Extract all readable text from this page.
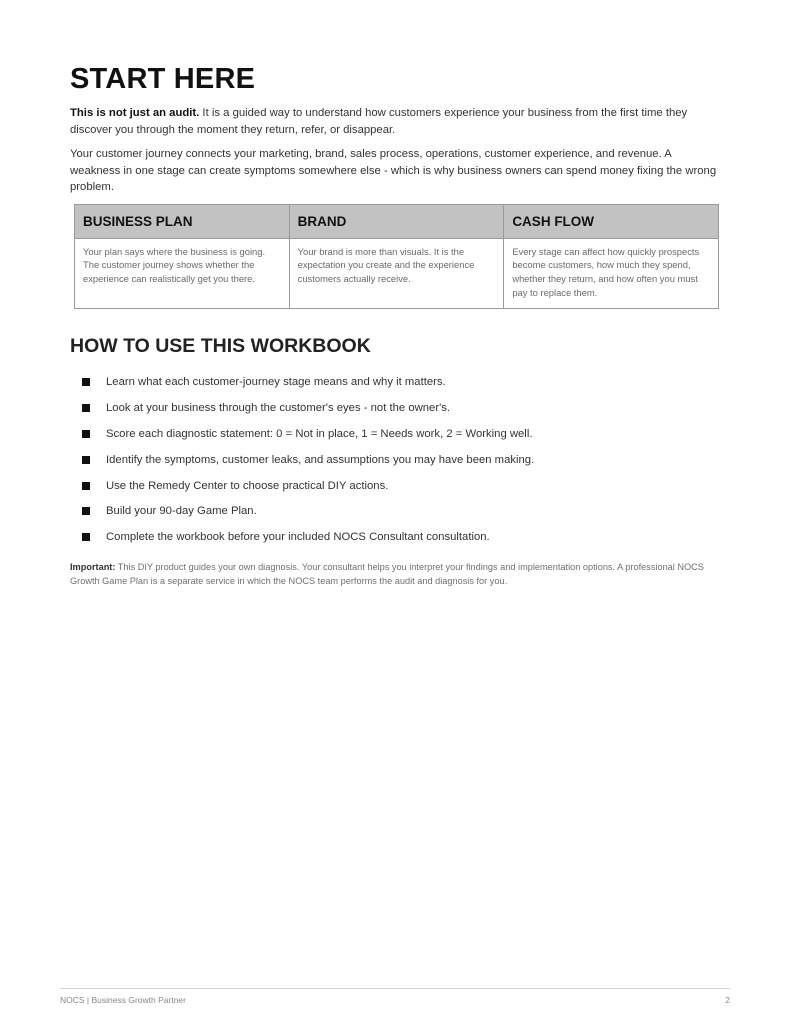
START HERE

This is not just an audit. It is a guided way to understand how customers experience your business from the first time they discover you through the moment they return, refer, or disappear.

Your customer journey connects your marketing, brand, sales process, operations, customer experience, and revenue. A weakness in one stage can create symptoms somewhere else - which is why business owners can spend money fixing the wrong problem.

BUSINESS PLAN	BRAND	CASH FLOW
Your plan says where the business is going. The customer journey shows whether the experience can realistically get you there.	Your brand is more than visuals. It is the expectation you create and the experience customers actually receive.	Every stage can affect how quickly prospects become customers, how much they spend, whether they return, and how often you must pay to replace them.
HOW TO USE THIS WORKBOOK
Learn what each customer-journey stage means and why it matters.
Look at your business through the customer's eyes - not the owner's.
Score each diagnostic statement: 0 = Not in place, 1 = Needs work, 2 = Working well.
Identify the symptoms, customer leaks, and assumptions you may have been making.
Use the Remedy Center to choose practical DIY actions.
Build your 90-day Game Plan.
Complete the workbook before your included NOCS Consultant consultation.

Important: This DIY product guides your own diagnosis. Your consultant helps you interpret your findings and implementation options. A professional NOCS Growth Game Plan is a separate service in which the NOCS team performs the audit and diagnosis for you.

NOCS | Business Growth Partner	2
